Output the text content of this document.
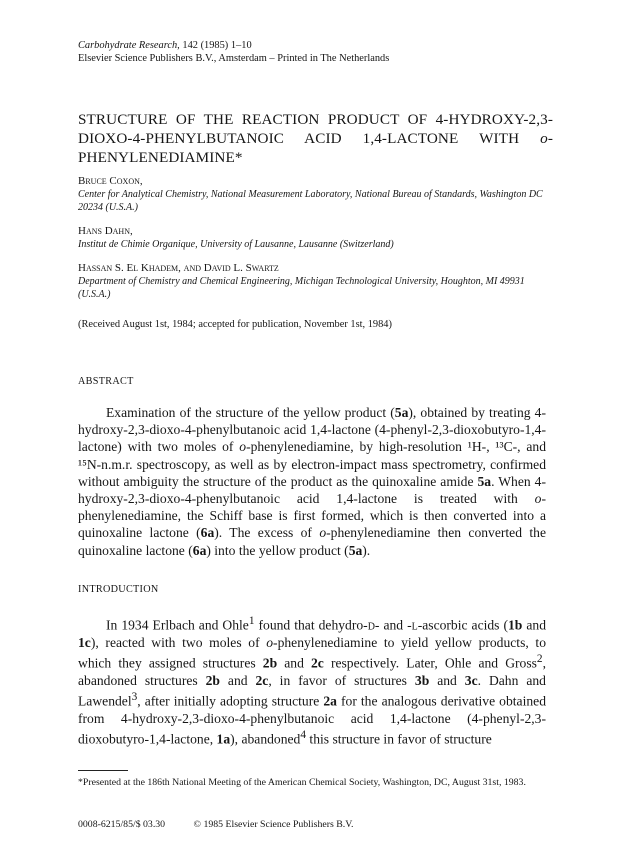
Carbohydrate Research, 142 (1985) 1–10
Elsevier Science Publishers B.V., Amsterdam – Printed in The Netherlands
STRUCTURE OF THE REACTION PRODUCT OF 4-HYDROXY-2,3-DIOXO-4-PHENYLBUTANOIC ACID 1,4-LACTONE WITH o-PHENYLENEDIAMINE*
Bruce Coxon,
Center for Analytical Chemistry, National Measurement Laboratory, National Bureau of Standards, Washington DC 20234 (U.S.A.)
Hans Dahn,
Institut de Chimie Organique, University of Lausanne, Lausanne (Switzerland)
Hassan S. El Khadem, and David L. Swartz
Department of Chemistry and Chemical Engineering, Michigan Technological University, Houghton, MI 49931 (U.S.A.)
(Received August 1st, 1984; accepted for publication, November 1st, 1984)
ABSTRACT
Examination of the structure of the yellow product (5a), obtained by treating 4-hydroxy-2,3-dioxo-4-phenylbutanoic acid 1,4-lactone (4-phenyl-2,3-dioxobutyro-1,4-lactone) with two moles of o-phenylenediamine, by high-resolution ¹H-, ¹³C-, and ¹⁵N-n.m.r. spectroscopy, as well as by electron-impact mass spectrometry, confirmed without ambiguity the structure of the product as the quinoxaline amide 5a. When 4-hydroxy-2,3-dioxo-4-phenylbutanoic acid 1,4-lactone is treated with o-phenylenediamine, the Schiff base is first formed, which is then converted into a quinoxaline lactone (6a). The excess of o-phenylenediamine then converted the quinoxaline lactone (6a) into the yellow product (5a).
INTRODUCTION
In 1934 Erlbach and Ohle$^1$ found that dehydro-d- and -l-ascorbic acids (1b and 1c), reacted with two moles of o-phenylenediamine to yield yellow products, to which they assigned structures 2b and 2c respectively. Later, Ohle and Gross$^2$, abandoned structures 2b and 2c, in favor of structures 3b and 3c. Dahn and Lawendel$^3$, after initially adopting structure 2a for the analogous derivative obtained from 4-hydroxy-2,3-dioxo-4-phenylbutanoic acid 1,4-lactone (4-phenyl-2,3-dioxobutyro-1,4-lactone, 1a), abandoned$^4$ this structure in favor of structure
*Presented at the 186th National Meeting of the American Chemical Society, Washington, DC, August 31st, 1983.
0008-6215/85/$ 03.30	© 1985 Elsevier Science Publishers B.V.
